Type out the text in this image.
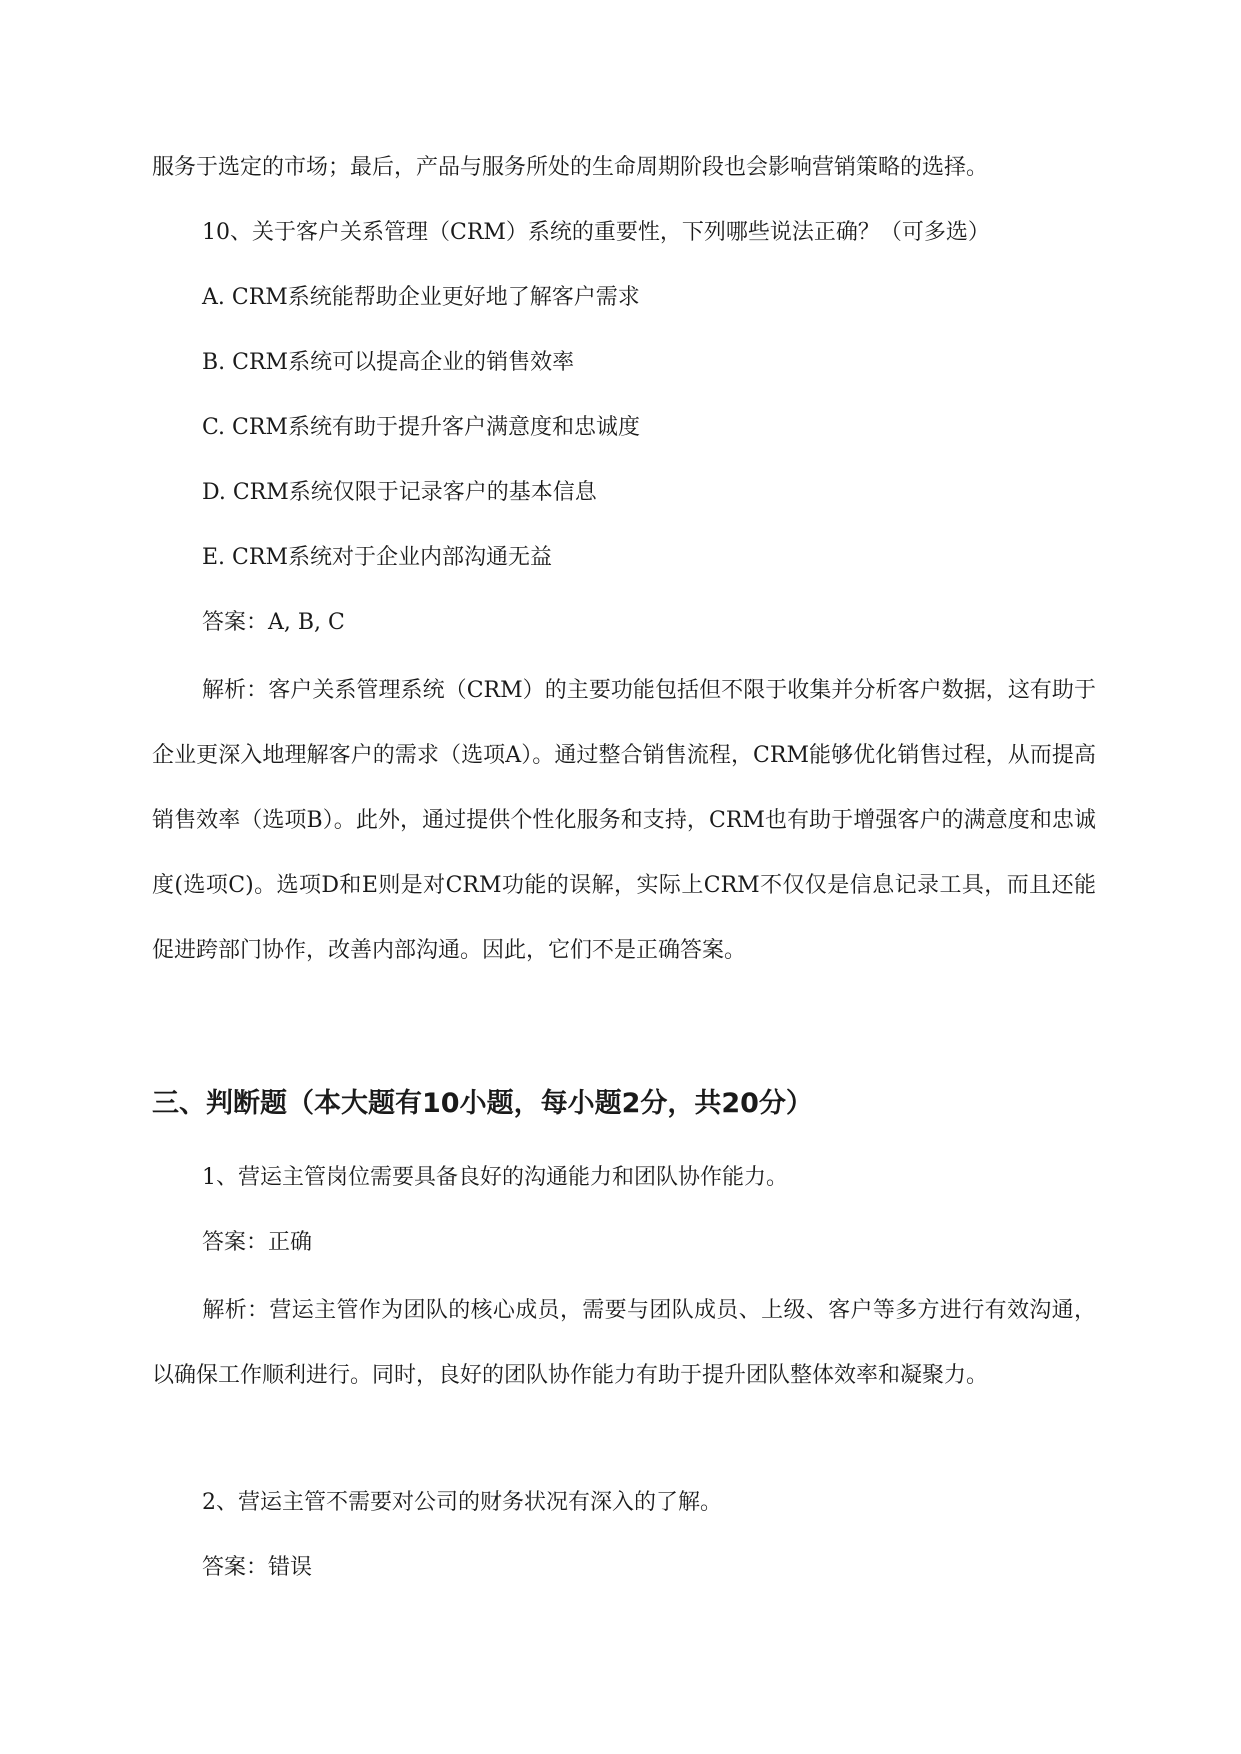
服务于选定的市场；最后，产品与服务所处的生命周期阶段也会影响营销策略的选择。
10、关于客户关系管理（CRM）系统的重要性，下列哪些说法正确？（可多选）
A. CRM系统能帮助企业更好地了解客户需求
B. CRM系统可以提高企业的销售效率
C. CRM系统有助于提升客户满意度和忠诚度
D. CRM系统仅限于记录客户的基本信息
E. CRM系统对于企业内部沟通无益
答案：A, B, C
解析：客户关系管理系统（CRM）的主要功能包括但不限于收集并分析客户数据，这有助于企业更深入地理解客户的需求（选项A）。通过整合销售流程，CRM能够优化销售过程，从而提高销售效率（选项B）。此外，通过提供个性化服务和支持，CRM也有助于增强客户的满意度和忠诚度(选项C)。选项D和E则是对CRM功能的误解，实际上CRM不仅仅是信息记录工具，而且还能促进跨部门协作，改善内部沟通。因此，它们不是正确答案。
三、判断题（本大题有10小题，每小题2分，共20分）
1、营运主管岗位需要具备良好的沟通能力和团队协作能力。
答案：正确
解析：营运主管作为团队的核心成员，需要与团队成员、上级、客户等多方进行有效沟通，以确保工作顺利进行。同时，良好的团队协作能力有助于提升团队整体效率和凝聚力。
2、营运主管不需要对公司的财务状况有深入的了解。
答案：错误
